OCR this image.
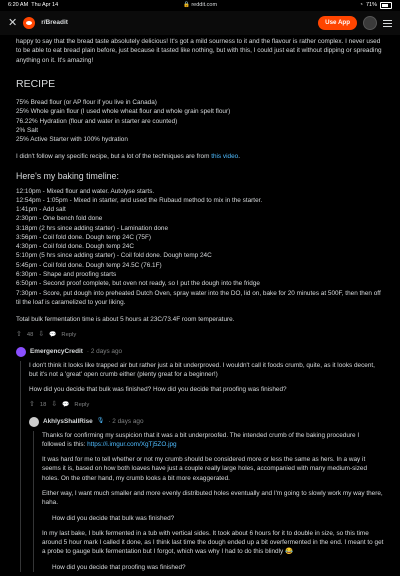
6:20 AM Thu Apr 14	🔒 reddit.com	◔ 71%
✕	r/Breadit	Use App

happy to say that the bread taste absolutely delicious! It's got a mild sourness to it and the flavour is rather complex. I never used to be able to eat bread plain before, just because it tasted like nothing, but with this, I could just eat it without dipping or spreading anything on it. It's amazing!

RECIPE
75% Bread flour (or AP flour if you live in Canada)
25% Whole grain flour (I used whole wheat flour and whole grain spelt flour)
76.22% Hydration (flour and water in starter are counted)
2% Salt
25% Active Starter with 100% hydration

I didn't follow any specific recipe, but a lot of the techniques are from this video.

Here's my baking timeline:
12:10pm - Mixed flour and water. Autolyse starts.
12:54pm - 1:05pm - Mixed in starter, and used the Rubaud method to mix in the starter.
1:41pm - Add salt
2:30pm - One bench fold done
3:18pm (2 hrs since adding starter) - Lamination done
3:56pm - Coil fold done. Dough temp 24C (75F)
4:30pm - Coil fold done. Dough temp 24C
5:10pm (5 hrs since adding starter) - Coil fold done. Dough temp 24C
5:45pm - Coil fold done. Dough temp 24.5C (76.1F)
6:30pm - Shape and proofing starts
6:50pm - Second proof complete, but oven not ready, so I put the dough into the fridge

7:30pm - Score, put dough into preheated Dutch Oven, spray water into the DO, lid on, bake for 20 minutes at 500F, then then off til the loaf is caramelized to your liking.

Total bulk fermentation time is about 5 hours at 23C/73.4F room temperature.

⇧ 48 ⇩ 💬 Reply
EmergencyCredit · 2 days ago

I don't think it looks like trapped air but rather just a bit underproved. I wouldn't call it foods crumb, quite, as it looks decent, but it's not a 'great' open crumb either (plenty great for a beginner!)

How did you decide that bulk was finished? How did you decide that proofing was finished?

⇧ 18 ⇩ 💬 Reply
AkhlysShallRise 🎙 · 2 days ago

Thanks for confirming my suspicion that it was a bit underproofed. The intended crumb of the baking procedure I followed is this: https://i.imgur.com/XgTj5ZO.jpg

It was hard for me to tell whether or not my crumb should be considered more or less the same as hers. In a way it seems it is, based on how both loaves have just a couple really large holes, accompanied with many medium-sized holes. On the other hand, my crumb looks a bit more exaggerated.

Either way, I want much smaller and more evenly distributed holes eventually and I'm going to slowly work my way there, haha.

How did you decide that bulk was finished?

In my last bake, I bulk fermented in a tub with vertical sides. It took about 6 hours for it to double in size, so this time around 5 hour mark I called it done, as I think last time the dough ended up a bit overfermented in the end. I meant to get a probe to gauge bulk fermentation but I forgot, which was why I had to do this blindly 😂

How did you decide that proofing was finished?
